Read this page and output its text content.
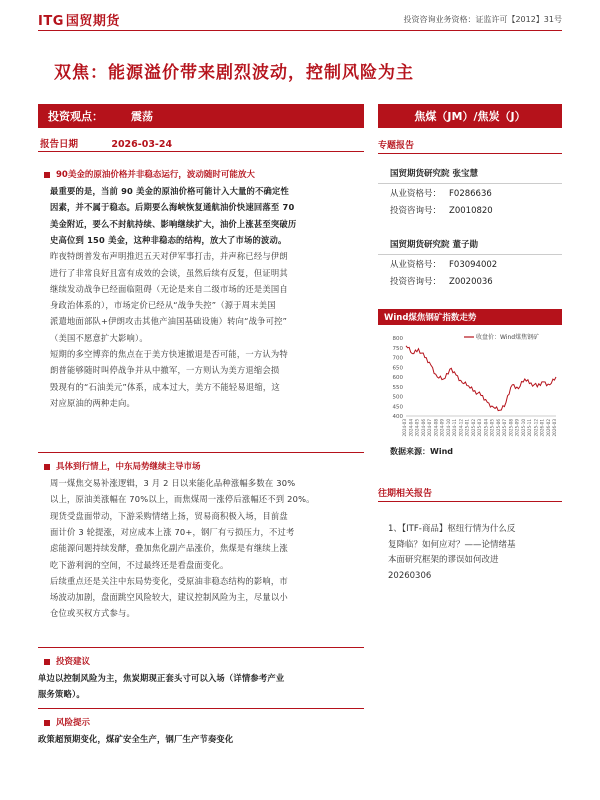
ITG 国贸期货	投资咨询业务资格：证监许可【2012】31号
双焦：能源溢价带来剧烈波动，控制风险为主
投资观点：	震荡	焦煤（JM）/焦炭（J）
报告日期	2026-03-24
90美金的原油价格并非稳态运行，波动随时可能放大
最重要的是，当前 90 美金的原油价格可能计入大量的不确定性
因素，并不属于稳态。后期要么海峡恢复通航油价快速回落至 70
美金附近，要么不封航持续、影响继续扩大，油价上涨甚至突破历
史高位到 150 美金，这种非稳态的结构，放大了市场的波动。
昨夜特朗普发布声明推迟五天对伊军事打击，并声称已经与伊朗
进行了非常良好且富有成效的会谈，虽然后续有反复，但证明其
继续发动战争已经面临阻碍（无论是来自二级市场的还是美国自
身政治体系的），市场定价已经从“战争失控”（源于周末美国
派遣地面部队+伊朗攻击其他产油国基础设施）转向“战争可控”
（美国不愿意扩大影响）。
短期的多空博弈的焦点在于美方快速撤退是否可能，一方认为特
朗普能够随时叫停战争并从中撤军，一方则认为美方退缩会损
毁现有的“石油美元”体系，成本过大，美方不能轻易退缩，这
对应原油的两种走向。
具体到行情上，中东局势继续主导市场
周一煤焦交易补涨逻辑，3 月 2 日以来能化品种涨幅多数在 30%
以上，原油美涨幅在 70%以上，而焦煤周一涨停后涨幅还不到 20%。
现货受盘面带动，下游采购情绪上扬，贸易商积极入场，目前盘
面计价 3 轮提涨，对应成本上涨 70+，钢厂有亏损压力，不过考
虑能源问题持续发酵，叠加焦化副产品涨价，焦煤是有继续上涨
吃下游利润的空间，不过最终还是看盘面变化。
后续重点还是关注中东局势变化，受原油非稳态结构的影响，市
场波动加剧，盘面跳空风险较大，建议控制风险为主，尽量以小
仓位或买权方式参与。
投资建议
单边以控制风险为主，焦炭期现正套头寸可以入场（详情参考产业
服务策略）。
风险提示
政策超预期变化，煤矿安全生产，钢厂生产节奏变化
专题报告
国贸期货研究院 张宝慧
从业资格号： F0286636
投资咨询号： Z0010820
国贸期货研究院 董子勋
从业资格号： F03094002
投资咨询号： Z0020036
Wind煤焦钢矿指数走势
400
450
500
550
600
650
700
750
800
2024-03 2024-04 2024-05 2024-06 2024-07 2024-08 2024-09 2024-10 2024-11 2024-12 2025-01 2025-02 2025-03 2025-04 2025-05 2025-06 2025-07 2025-08 2025-09 2025-10 2025-11 2025-12 2026-01 2026-02 2026-03
收盘价：Wind煤焦钢矿
数据来源：Wind
往期相关报告
1、【ITF-商品】枢纽行情为什么反
复降临？如何应对？——论情绪基
本面研究框架的谬误如何改进
20260306
